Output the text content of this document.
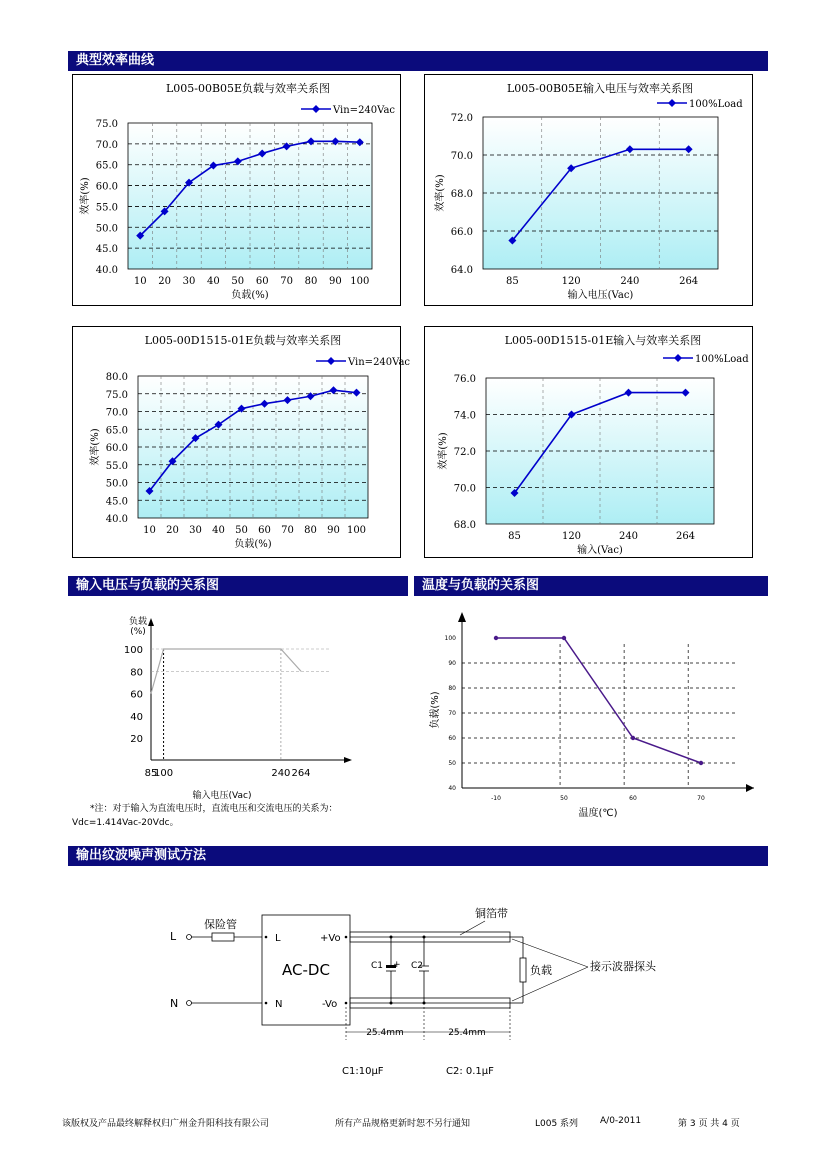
典型效率曲线
输入电压与负载的关系图	温度与负载的关系图
输出纹波噪声测试方法
40.0
45.0
50.0
55.0
60.0
65.0
70.0
75.0
10 20 30 40 50 60 70 80 90 100
L005-00B05E负载与效率关系图
负载(%)
效率(%)
Vin=240Vac
64.0
66.0
68.0
70.0
72.0
85	120	240	264
L005-00B05E输入电压与效率关系图
输入电压(Vac)
效率(%)
100%Load
40.0
45.0
50.0
55.0
60.0
65.0
70.0
75.0
80.0
10 20 30 40 50 60 70 80 90 100
L005-00D1515-01E负载与效率关系图
负载(%)
效率(%)
Vin=240Vac
68.0
70.0
72.0
74.0
76.0
85	120	240	264
L005-00D1515-01E输入与效率关系图
输入(Vac)
效率(%)
100%Load
负载
(%)
20
40
60
80
100
85
100	240 264
输入电压(Vac)
*注：对于输入为直流电压时，直流电压和交流电压的关系为：
Vdc=1.414Vac-20Vdc。
40
50
60
70
80
90
100
-10	50	60	70
温度(℃)
负载(%)
L
保险管
N
AC-DC
L
N
+Vo
-Vo
铜箔带
C1 + C2	负载	接示波器探头
25.4mm	25.4mm
C1:10μF	C2: 0.1μF
该版权及产品最终解释权归广州金升阳科技有限公司	所有产品规格更新时恕不另行通知	L005 系列 A/0-2011	第 3 页 共 4 页
